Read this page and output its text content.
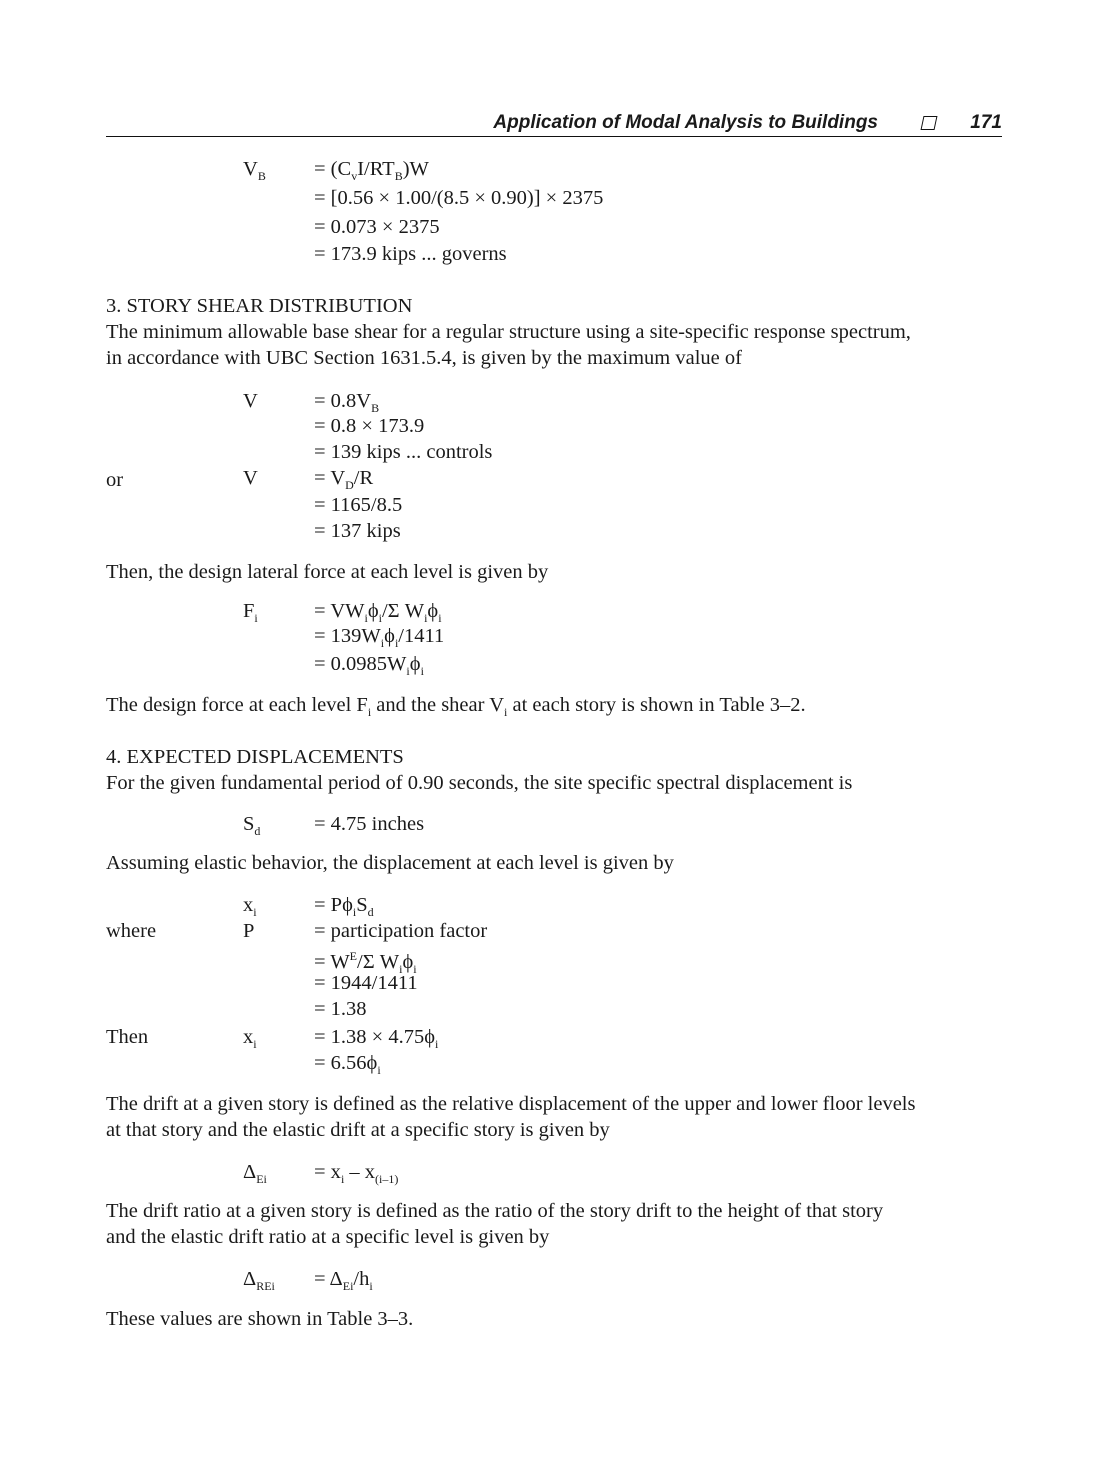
Application of Modal Analysis to Buildings	171
$V_B = (C_vI/RT_B)W$
= [0.56 × 1.00/(8.5 × 0.90)] × 2375
= 0.073 × 2375
= 173.9 kips ... governs
3. STORY SHEAR DISTRIBUTION
The minimum allowable base shear for a regular structure using a site-specific response spectrum,
in accordance with UBC Section 1631.5.4, is given by the maximum value of
V	= $0.8V_B$
= 0.8 × 173.9
= 139 kips ... controls
or	V	= $V_D/R$
= 1165/8.5
= 137 kips
Then, the design lateral force at each level is given by
$F_i$	= $VW_i\phi_i/\Sigma$ $W_i\phi_i$
= $139W_i\phi_i/1411$
= $0.0985W_i\phi_i$
The design force at each level $F_i$ and the shear $V_i$ at each story is shown in Table 3–2.
4. EXPECTED DISPLACEMENTS
For the given fundamental period of 0.90 seconds, the site specific spectral displacement is
$S_d$	= 4.75 inches
Assuming elastic behavior, the displacement at each level is given by
$x_i$	= $P\phi_iS_d$
where	P	= participation factor
= $W^E/\Sigma$ $W_i\phi_i$
= 1944/1411
= 1.38
Then	$x_i$	= $1.38 \times 4.75\phi_i$
= $6.56\phi_i$
The drift at a given story is defined as the relative displacement of the upper and lower floor levels
at that story and the elastic drift at a specific story is given by
$\Delta_{Ei} = x_i - x_{(i-1)}$
The drift ratio at a given story is defined as the ratio of the story drift to the height of that story
and the elastic drift ratio at a specific level is given by
$\Delta_{REi} = \Delta_{Ei}/h_i$
These values are shown in Table 3–3.
